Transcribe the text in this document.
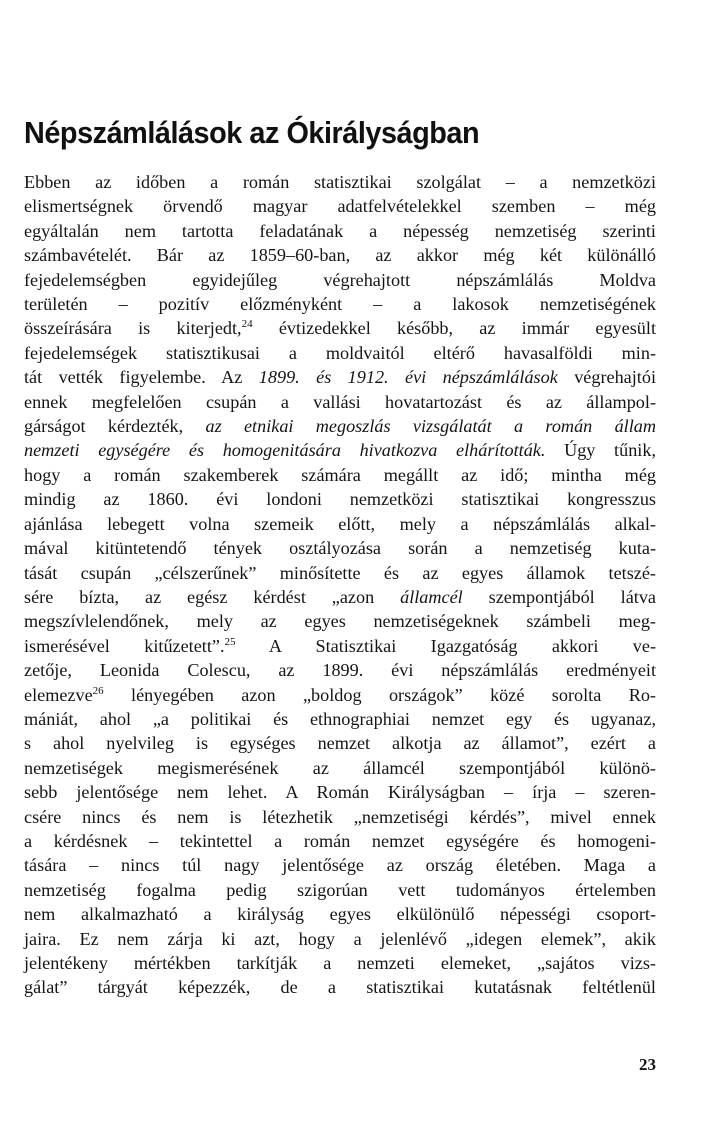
Népszámlálások az Ókirályságban
Ebben az időben a román statisztikai szolgálat – a nemzetközi
elismertségnek örvendő magyar adatfelvételekkel szemben – még
egyáltalán nem tartotta feladatának a népesség nemzetiség szerinti
számbavételét. Bár az 1859–60-ban, az akkor még két különálló
fejedelemségben egyidejűleg végrehajtott népszámlálás Moldva
területén – pozitív előzményként – a lakosok nemzetiségének
összeírására is kiterjedt,$^{24}$ évtizedekkel később, az immár egyesült
fejedelemségek statisztikusai a moldvaitól eltérő havasalföldi min-
tát vették figyelembe. Az 1899. és 1912. évi népszámlálások végrehajtói
ennek megfelelően csupán a vallási hovatartozást és az állampol-
gárságot kérdezték, az etnikai megoszlás vizsgálatát a román állam
nemzeti egységére és homogenitására hivatkozva elhárították. Úgy tűnik,
hogy a román szakemberek számára megállt az idő; mintha még
mindig az 1860. évi londoni nemzetközi statisztikai kongresszus
ajánlása lebegett volna szemeik előtt, mely a népszámlálás alkal-
mával kitüntetendő tények osztályozása során a nemzetiség kuta-
tását csupán „célszerűnek” minősítette és az egyes államok tetszé-
sére bízta, az egész kérdést „azon államcél szempontjából látva
megszívlelendőnek, mely az egyes nemzetiségeknek számbeli meg-
ismerésével kitűzetett”.$^{25}$ A Statisztikai Igazgatóság akkori ve-
zetője, Leonida Colescu, az 1899. évi népszámlálás eredményeit
elemezve$^{26}$ lényegében azon „boldog országok” közé sorolta Ro-
mániát, ahol „a politikai és ethnographiai nemzet egy és ugyanaz,
s ahol nyelvileg is egységes nemzet alkotja az államot”, ezért a
nemzetiségek megismerésének az államcél szempontjából különö-
sebb jelentősége nem lehet. A Román Királyságban – írja – szeren-
csére nincs és nem is létezhetik „nemzetiségi kérdés”, mivel ennek
a kérdésnek – tekintettel a román nemzet egységére és homogeni-
tására – nincs túl nagy jelentősége az ország életében. Maga a
nemzetiség fogalma pedig szigorúan vett tudományos értelemben
nem alkalmazható a királyság egyes elkülönülő népességi csoport-
jaira. Ez nem zárja ki azt, hogy a jelenlévő „idegen elemek”, akik
jelentékeny mértékben tarkítják a nemzeti elemeket, „sajátos vizs-
gálat” tárgyát képezzék, de a statisztikai kutatásnak feltétlenül
23
